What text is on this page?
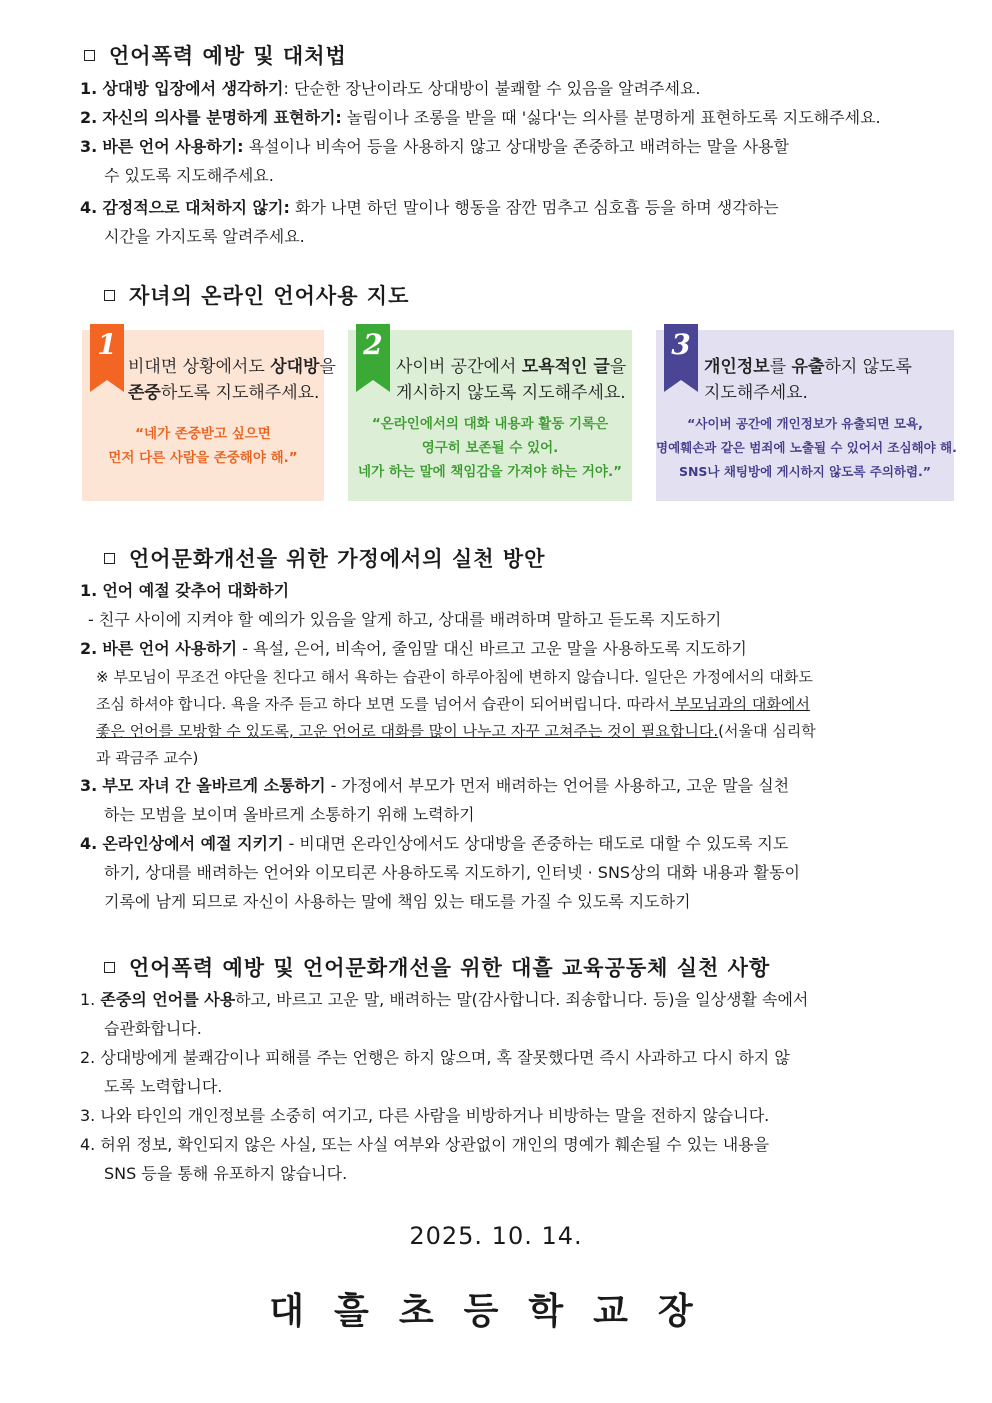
언어폭력 예방 및 대처법
1. 상대방 입장에서 생각하기: 단순한 장난이라도 상대방이 불쾌할 수 있음을 알려주세요.
2. 자신의 의사를 분명하게 표현하기: 놀림이나 조롱을 받을 때 '싫다'는 의사를 분명하게 표현하도록 지도해주세요.
3. 바른 언어 사용하기: 욕설이나 비속어 등을 사용하지 않고 상대방을 존중하고 배려하는 말을 사용할
수 있도록 지도해주세요.
4. 감정적으로 대처하지 않기: 화가 나면 하던 말이나 행동을 잠깐 멈추고 심호흡 등을 하며 생각하는
시간을 가지도록 알려주세요.
자녀의 온라인 언어사용 지도
1
비대면 상황에서도 상대방을
존중하도록 지도해주세요.
“네가 존중받고 싶으면
먼저 다른 사람을 존중해야 해.”
2
사이버 공간에서 모욕적인 글을
게시하지 않도록 지도해주세요.
“온라인에서의 대화 내용과 활동 기록은
영구히 보존될 수 있어.
네가 하는 말에 책임감을 가져야 하는 거야.”
3
개인정보를 유출하지 않도록
지도해주세요.
“사이버 공간에 개인정보가 유출되면 모욕,
명예훼손과 같은 범죄에 노출될 수 있어서 조심해야 해.
SNS나 채팅방에 게시하지 않도록 주의하렴.”
언어문화개선을 위한 가정에서의 실천 방안
1. 언어 예절 갖추어 대화하기
- 친구 사이에 지켜야 할 예의가 있음을 알게 하고, 상대를 배려하며 말하고 듣도록 지도하기
2. 바른 언어 사용하기 - 욕설, 은어, 비속어, 줄임말 대신 바르고 고운 말을 사용하도록 지도하기
※ 부모님이 무조건 야단을 친다고 해서 욕하는 습관이 하루아침에 변하지 않습니다. 일단은 가정에서의 대화도
조심 하셔야 합니다. 욕을 자주 듣고 하다 보면 도를 넘어서 습관이 되어버립니다. 따라서 부모님과의 대화에서
좋은 언어를 모방할 수 있도록, 고운 언어로 대화를 많이 나누고 자꾸 고쳐주는 것이 필요합니다.(서울대 심리학
과 곽금주 교수)
3. 부모 자녀 간 올바르게 소통하기 - 가정에서 부모가 먼저 배려하는 언어를 사용하고, 고운 말을 실천
하는 모범을 보이며 올바르게 소통하기 위해 노력하기
4. 온라인상에서 예절 지키기 - 비대면 온라인상에서도 상대방을 존중하는 태도로 대할 수 있도록 지도
하기, 상대를 배려하는 언어와 이모티콘 사용하도록 지도하기, 인터넷 · SNS상의 대화 내용과 활동이
기록에 남게 되므로 자신이 사용하는 말에 책임 있는 태도를 가질 수 있도록 지도하기
언어폭력 예방 및 언어문화개선을 위한 대흘 교육공동체 실천 사항
1. 존중의 언어를 사용하고, 바르고 고운 말, 배려하는 말(감사합니다. 죄송합니다. 등)을 일상생활 속에서
습관화합니다.
2. 상대방에게 불쾌감이나 피해를 주는 언행은 하지 않으며, 혹 잘못했다면 즉시 사과하고 다시 하지 않
도록 노력합니다.
3. 나와 타인의 개인정보를 소중히 여기고, 다른 사람을 비방하거나 비방하는 말을 전하지 않습니다.
4. 허위 정보, 확인되지 않은 사실, 또는 사실 여부와 상관없이 개인의 명예가 훼손될 수 있는 내용을
SNS 등을 통해 유포하지 않습니다.
2025. 10. 14.
대흘초등학교장
